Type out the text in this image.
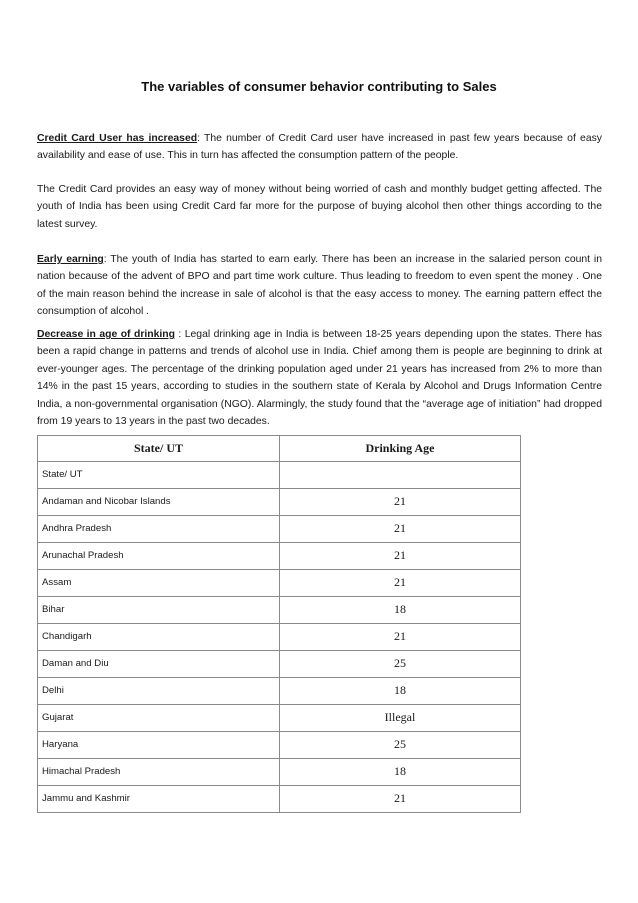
The variables of consumer behavior contributing to Sales

Credit Card User has increased: The number of Credit Card user have increased in past few years because of easy availability and ease of use. This in turn has affected the consumption pattern of the people.

The Credit Card provides an easy way of money without being worried of cash and monthly budget getting affected. The youth of India has been using Credit Card far more for the purpose of buying alcohol then other things according to the latest survey.

Early earning: The youth of India has started to earn early. There has been an increase in the salaried person count in nation because of the advent of BPO and part time work culture. Thus leading to freedom to even spent the money . One of the main reason behind the increase in sale of alcohol is that the easy access to money. The earning pattern effect the consumption of alcohol .

Decrease in age of drinking : Legal drinking age in India is between 18-25 years depending upon the states. There has been a rapid change in patterns and trends of alcohol use in India. Chief among them is people are beginning to drink at ever-younger ages. The percentage of the drinking population aged under 21 years has increased from 2% to more than 14% in the past 15 years, according to studies in the southern state of Kerala by Alcohol and Drugs Information Centre India, a non-governmental organisation (NGO). Alarmingly, the study found that the “average age of initiation” had dropped from 19 years to 13 years in the past two decades.

State/ UT	Drinking Age
State/ UT	
Andaman and Nicobar Islands	21
Andhra Pradesh	21
Arunachal Pradesh	21
Assam	21
Bihar	18
Chandigarh	21
Daman and Diu	25
Delhi	18
Gujarat	Illegal
Haryana	25
Himachal Pradesh	18
Jammu and Kashmir	21
